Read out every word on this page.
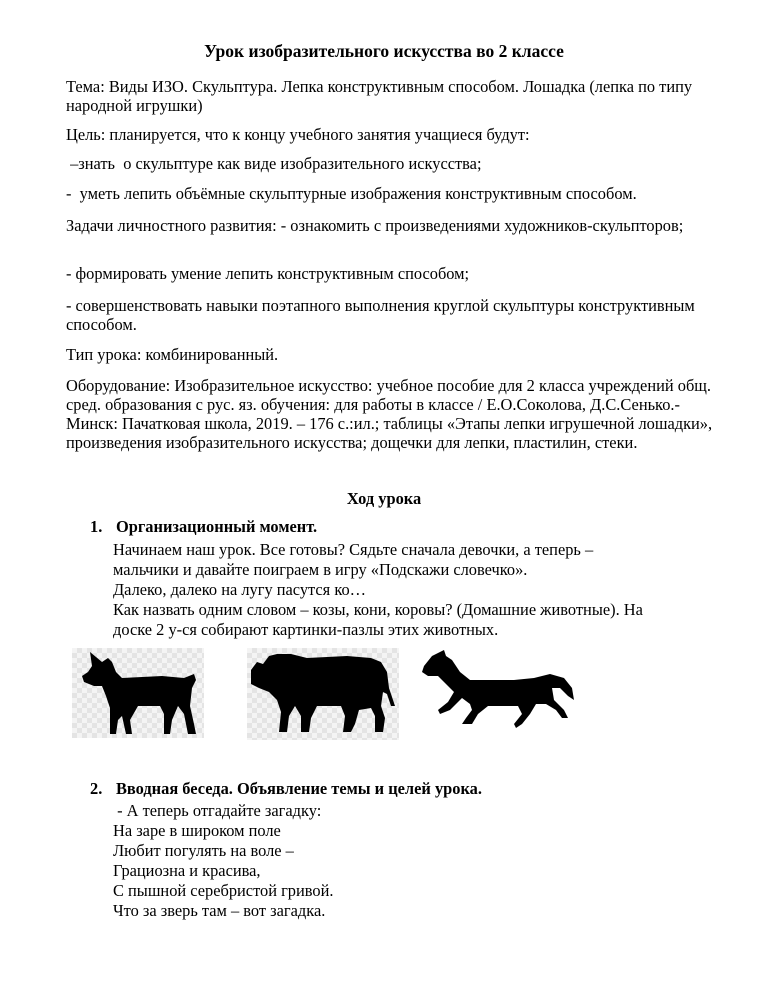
Урок изобразительного искусства во 2 классе

Тема: Виды ИЗО. Скульптура. Лепка конструктивным способом. Лошадка (лепка по типу народной игрушки)

Цель: планируется, что к концу учебного занятия учащиеся будут:

–знать  о скульптуре как виде изобразительного искусства;

-  уметь лепить объёмные скульптурные изображения конструктивным способом.

Задачи личностного развития: - ознакомить с произведениями художников-скульпторов;

- формировать умение лепить конструктивным способом;

- совершенствовать навыки поэтапного выполнения круглой скульптуры конструктивным способом.

Тип урока: комбинированный.

Оборудование: Изобразительное искусство: учебное пособие для 2 класса учреждений общ. сред. образования с рус. яз. обучения: для работы в классе / Е.О.Соколова, Д.С.Сенько.-Минск: Пачатковая школа, 2019. – 176 с.:ил.; таблицы «Этапы лепки игрушечной лошадки», произведения изобразительного искусства; дощечки для лепки, пластилин, стеки.

Ход урока
1. Организационный момент.

Начинаем наш урок. Все готовы? Сядьте сначала девочки, а теперь –

мальчики и давайте поиграем в игру «Подскажи словечко».

Далеко, далеко на лугу пасутся ко…

Как назвать одним словом – козы, кони, коровы? (Домашние животные). На

доске 2 у-ся собирают картинки-пазлы этих животных.

2. Вводная беседа. Объявление темы и целей урока.

- А теперь отгадайте загадку:

На заре в широком поле

Любит погулять на воле –

Грациозна и красива,

С пышной серебристой гривой.

Что за зверь там – вот загадка.
